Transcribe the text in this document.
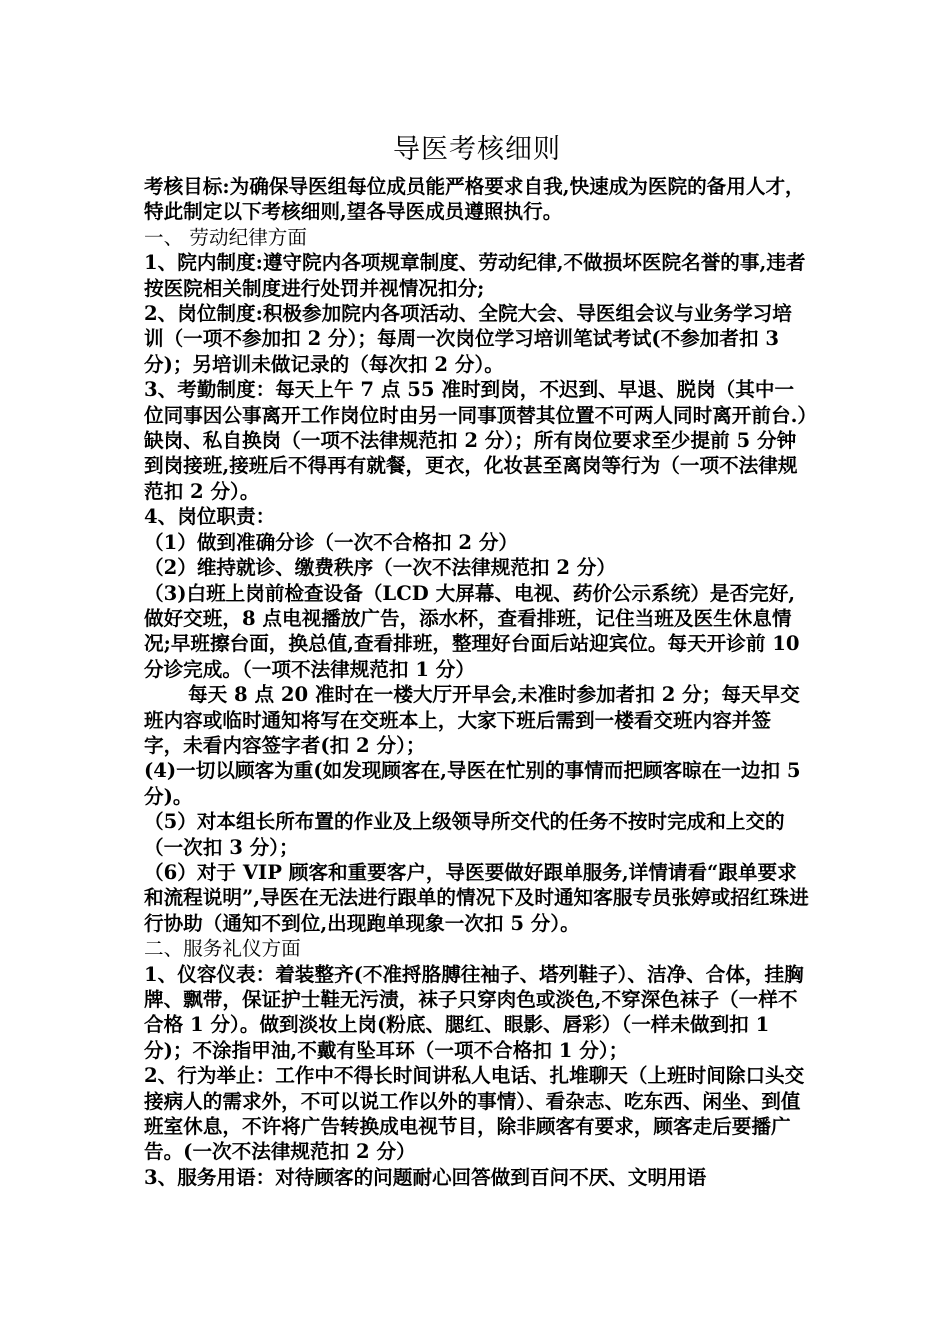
导医考核细则

考核目标:为确保导医组每位成员能严格要求自我,快速成为医院的备用人才，特此制定以下考核细则,望各导医成员遵照执行。

一、 劳动纪律方面

1、院内制度:遵守院内各项规章制度、劳动纪律,不做损坏医院名誉的事,违者按医院相关制度进行处罚并视情况扣分;

2、岗位制度:积极参加院内各项活动、全院大会、导医组会议与业务学习培训（一项不参加扣 2 分）；每周一次岗位学习培训笔试考试(不参加者扣 3 分)；另培训未做记录的（每次扣 2 分）。

3、考勤制度：每天上午 7 点 55 准时到岗，不迟到、早退、脱岗（其中一位同事因公事离开工作岗位时由另一同事顶替其位置不可两人同时离开前台.）缺岗、私自换岗（一项不法律规范扣 2 分）；所有岗位要求至少提前 5 分钟到岗接班,接班后不得再有就餐，更衣，化妆甚至离岗等行为（一项不法律规范扣 2 分）。

4、岗位职责：

（1）做到准确分诊（一次不合格扣 2 分）

（2）维持就诊、缴费秩序（一次不法律规范扣 2 分）

（3)白班上岗前检查设备（LCD 大屏幕、电视、药价公示系统）是否完好,做好交班，8 点电视播放广告，添水杯，查看排班，记住当班及医生休息情况;早班擦台面，换总值,查看排班，整理好台面后站迎宾位。每天开诊前 10 分诊完成。（一项不法律规范扣 1 分）

每天 8 点 20 准时在一楼大厅开早会,未准时参加者扣 2 分；每天早交班内容或临时通知将写在交班本上，大家下班后需到一楼看交班内容并签字，未看内容签字者(扣 2 分）；

(4)一切以顾客为重(如发现顾客在,导医在忙别的事情而把顾客晾在一边扣 5 分)。

（5）对本组长所布置的作业及上级领导所交代的任务不按时完成和上交的（一次扣 3 分）；

（6）对于 VIP 顾客和重要客户，导医要做好跟单服务,详情请看“跟单要求和流程说明”,导医在无法进行跟单的情况下及时通知客服专员张婷或招红珠进行协助（通知不到位,出现跑单现象一次扣 5 分）。

二、服务礼仪方面

1、仪容仪表：着装整齐(不准捋胳膊往袖子、塔列鞋子）、洁净、合体，挂胸牌、飘带，保证护士鞋无污渍，袜子只穿肉色或淡色,不穿深色袜子（一样不合格 1 分）。做到淡妆上岗(粉底、腮红、眼影、唇彩）（一样未做到扣 1 分)；不涂指甲油,不戴有坠耳环（一项不合格扣 1 分）；

2、行为举止：工作中不得长时间讲私人电话、扎堆聊天（上班时间除口头交接病人的需求外，不可以说工作以外的事情）、看杂志、吃东西、闲坐、到值班室休息，不许将广告转换成电视节目，除非顾客有要求，顾客走后要播广告。(一次不法律规范扣 2 分）

3、服务用语：对待顾客的问题耐心回答做到百问不厌、文明用语
